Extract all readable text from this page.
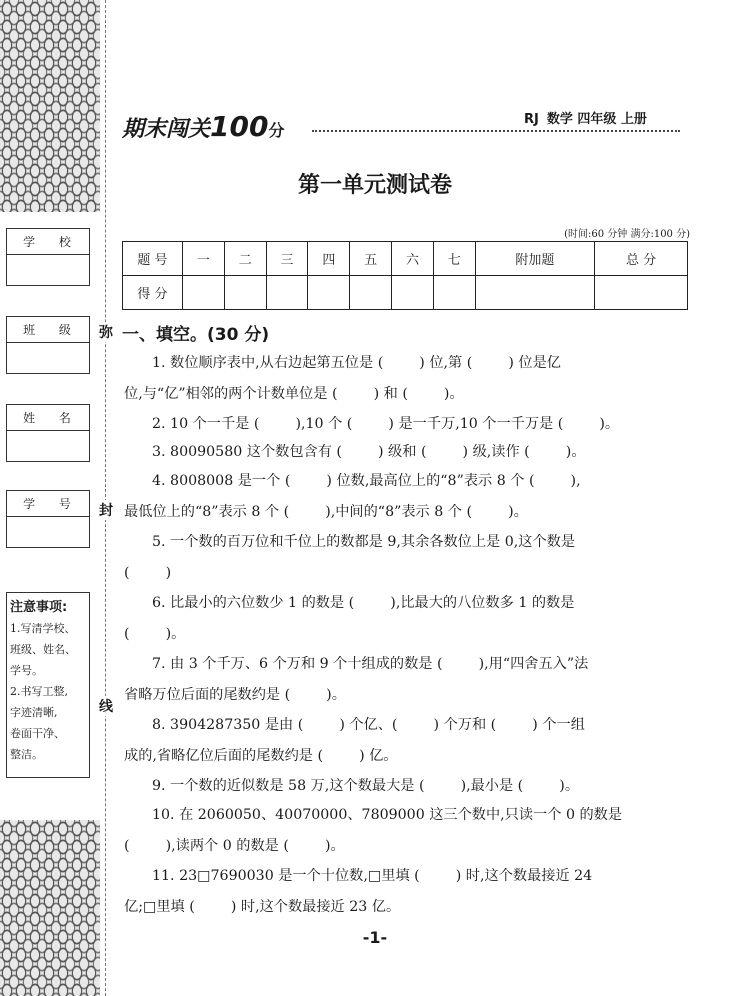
学 校
班 级
姓 名
学 号
注意事项:
1.写清学校、
班级、姓名、
学号。
2.书写工整,
字迹清晰,
卷面干净、
整洁。
弥
封
线
期末闯关100分
RJ 数学 四年级 上册
第一单元测试卷
(时间:60 分钟 满分:100 分)
题 号	一	二	三	四	五	六	七	附加题	总 分
得 分									
一、填空。(30 分)
1. 数位顺序表中,从右边起第五位是 (        ) 位,第 (        ) 位是亿
位,与“亿”相邻的两个计数单位是 (        ) 和 (        )。
2. 10 个一千是 (        ),10 个 (        ) 是一千万,10 个一千万是 (        )。
3. 80090580 这个数包含有 (        ) 级和 (        ) 级,读作 (        )。
4. 8008008 是一个 (        ) 位数,最高位上的“8”表示 8 个 (        ),
最低位上的“8”表示 8 个 (        ),中间的“8”表示 8 个 (        )。
5. 一个数的百万位和千位上的数都是 9,其余各数位上是 0,这个数是
(        )
6. 比最小的六位数少 1 的数是 (        ),比最大的八位数多 1 的数是
(        )。
7. 由 3 个千万、6 个万和 9 个十组成的数是 (        ),用“四舍五入”法
省略万位后面的尾数约是 (        )。
8. 3904287350 是由 (        ) 个亿、(        ) 个万和 (        ) 个一组
成的,省略亿位后面的尾数约是 (        ) 亿。
9. 一个数的近似数是 58 万,这个数最大是 (        ),最小是 (        )。
10. 在 2060050、40070000、7809000 这三个数中,只读一个 0 的数是
(        ),读两个 0 的数是 (        )。
11. 23□7690030 是一个十位数,□里填 (        ) 时,这个数最接近 24
亿;□里填 (        ) 时,这个数最接近 23 亿。
-1-
